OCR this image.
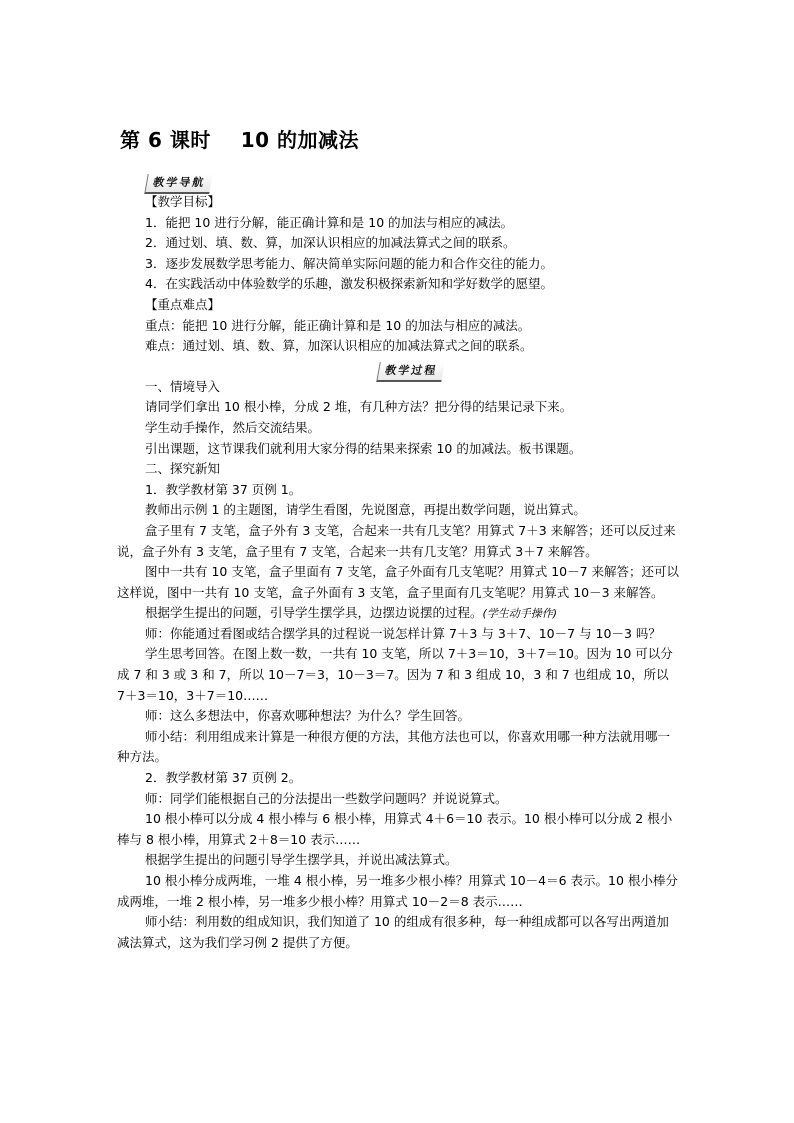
第 6 课时    10 的加减法
教学导航
教学过程
【教学目标】
1．能把 10 进行分解，能正确计算和是 10 的加法与相应的减法。
2．通过划、填、数、算，加深认识相应的加减法算式之间的联系。
3．逐步发展数学思考能力、解决简单实际问题的能力和合作交往的能力。
4．在实践活动中体验数学的乐趣，激发积极探索新知和学好数学的愿望。
【重点难点】
重点：能把 10 进行分解，能正确计算和是 10 的加法与相应的减法。
难点：通过划、填、数、算，加深认识相应的加减法算式之间的联系。
一、情境导入
请同学们拿出 10 根小棒，分成 2 堆，有几种方法？把分得的结果记录下来。
学生动手操作，然后交流结果。
引出课题，这节课我们就利用大家分得的结果来探索 10 的加减法。板书课题。
二、探究新知
1．教学教材第 37 页例 1。
教师出示例 1 的主题图，请学生看图，先说图意，再提出数学问题，说出算式。
盒子里有 7 支笔，盒子外有 3 支笔，合起来一共有几支笔？用算式 7＋3 来解答；还可以反过来说，盒子外有 3 支笔，盒子里有 7 支笔，合起来一共有几支笔？用算式 3＋7 来解答。
图中一共有 10 支笔，盒子里面有 7 支笔，盒子外面有几支笔呢？用算式 10－7 来解答；还可以这样说，图中一共有 10 支笔，盒子外面有 3 支笔，盒子里面有几支笔呢？用算式 10－3 来解答。
根据学生提出的问题，引导学生摆学具，边摆边说摆的过程。(学生动手操作)
师：你能通过看图或结合摆学具的过程说一说怎样计算 7＋3 与 3＋7、10－7 与 10－3 吗？
学生思考回答。在图上数一数，一共有 10 支笔，所以 7＋3＝10，3＋7＝10。因为 10 可以分成 7 和 3 或 3 和 7，所以 10－7＝3，10－3＝7。因为 7 和 3 组成 10，3 和 7 也组成 10，所以 7＋3＝10，3＋7＝10……
师：这么多想法中，你喜欢哪种想法？为什么？学生回答。
师小结：利用组成来计算是一种很方便的方法，其他方法也可以，你喜欢用哪一种方法就用哪一种方法。
2．教学教材第 37 页例 2。
师：同学们能根据自己的分法提出一些数学问题吗？并说说算式。
10 根小棒可以分成 4 根小棒与 6 根小棒，用算式 4＋6＝10 表示。10 根小棒可以分成 2 根小棒与 8 根小棒，用算式 2＋8＝10 表示……
根据学生提出的问题引导学生摆学具，并说出减法算式。
10 根小棒分成两堆，一堆 4 根小棒，另一堆多少根小棒？用算式 10－4＝6 表示。10 根小棒分成两堆，一堆 2 根小棒，另一堆多少根小棒？用算式 10－2＝8 表示……
师小结：利用数的组成知识，我们知道了 10 的组成有很多种，每一种组成都可以各写出两道加减法算式，这为我们学习例 2 提供了方便。
